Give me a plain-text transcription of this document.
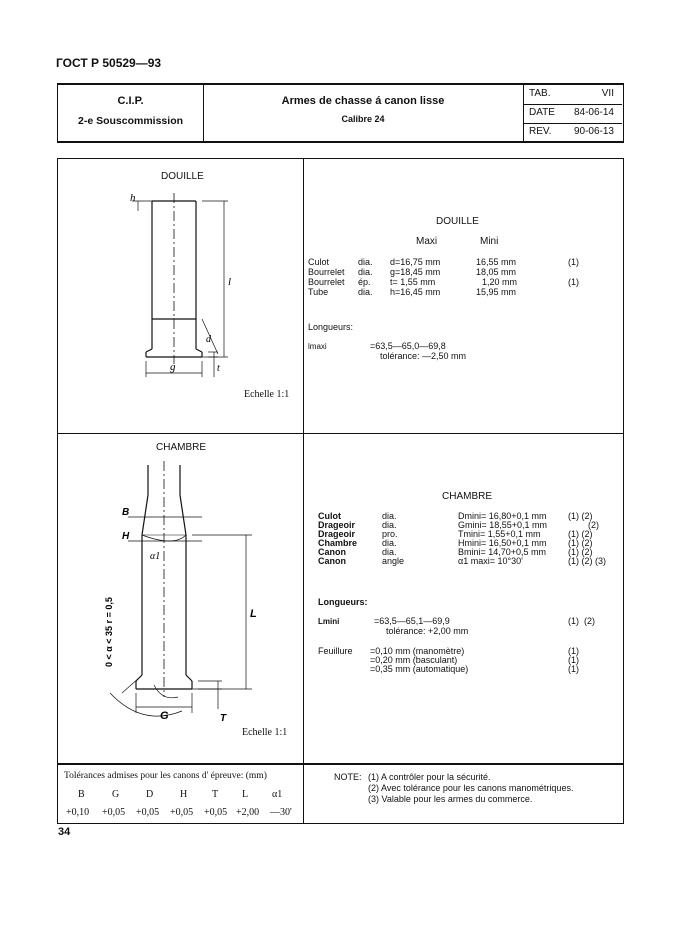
ГОСТ Р 50529—93
C.I.P.
2-e Souscommission
Armes de chasse á canon lisse
Calibre 24
TAB.	VII
DATE 84-06-14
REV. 90-06-13
DOUILLE
h
l
d
g	t
Echelle 1:1
DOUILLE
Maxi	Mini
Culot	dia. d=16,75 mm	16,55 mm	(1)
Bourrelet dia. g=18,45 mm	18,05 mm
Bourrelet ép. t= 1,55 mm	1,20 mm	(1)
Tube	dia. h=16,45 mm	15,95 mm
Longueurs:
lmaxi	=63,5—65,0—69,8
tolérance: —2,50 mm
CHAMBRE
B
H
α1
L
G	T
0 < α < 35 r = 0,5
Echelle 1:1
CHAMBRE
Culot	dia.	Dmini= 16,80+0,1 mm (1) (2)
Drageoir	dia.	Gmini= 18,55+0,1 mm	(2)
Drageoir	pro.	Tmini= 1,55+0,1 mm	(1) (2)
Chambre	dia.	Hmini= 16,50+0,1 mm (1) (2)
Canon	dia.	Bmini= 14,70+0,5 mm (1) (2)
Canon	angle	α1 maxi= 10°30'	(1) (2) (3)
Longueurs:
Lmini	=63,5—65,1—69,9	(1)  (2)
tolérance: +2,00 mm
Feuillure =0,10 mm (manomètre)	(1)
=0,20 mm (basculant)	(1)
=0,35 mm (automatique)	(1)
Tolérances admises pour les canons d' épreuve: (mm)
B	G	D	H T L α1
+0,10 +0,05 +0,05 +0,05 +0,05 +2,00 —30'
NOTE: (1) A contrôler pour la sécurité.
(2) Avec tolérance pour les canons manométriques.
(3) Valable pour les armes du commerce.
34
